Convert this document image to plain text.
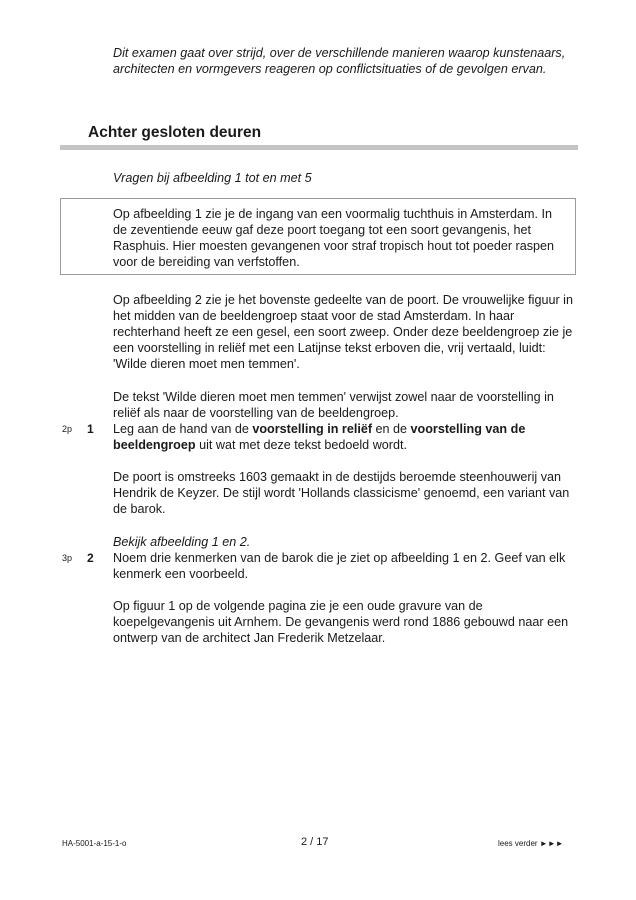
Dit examen gaat over strijd, over de verschillende manieren waarop kunstenaars, architecten en vormgevers reageren op conflictsituaties of de gevolgen ervan.
Achter gesloten deuren
Vragen bij afbeelding 1 tot en met 5
Op afbeelding 1 zie je de ingang van een voormalig tuchthuis in Amsterdam. In de zeventiende eeuw gaf deze poort toegang tot een soort gevangenis, het Rasphuis. Hier moesten gevangenen voor straf tropisch hout tot poeder raspen voor de bereiding van verfstoffen.
Op afbeelding 2 zie je het bovenste gedeelte van de poort. De vrouwelijke figuur in het midden van de beeldengroep staat voor de stad Amsterdam. In haar rechterhand heeft ze een gesel, een soort zweep. Onder deze beeldengroep zie je een voorstelling in reliëf met een Latijnse tekst erboven die, vrij vertaald, luidt: 'Wilde dieren moet men temmen'.
De tekst 'Wilde dieren moet men temmen' verwijst zowel naar de voorstelling in reliëf als naar de voorstelling van de beeldengroep.
2p 1 Leg aan de hand van de voorstelling in reliëf en de voorstelling van de beeldengroep uit wat met deze tekst bedoeld wordt.
De poort is omstreeks 1603 gemaakt in de destijds beroemde steenhouwerij van Hendrik de Keyzer. De stijl wordt 'Hollands classicisme' genoemd, een variant van de barok.
Bekijk afbeelding 1 en 2.
3p 2 Noem drie kenmerken van de barok die je ziet op afbeelding 1 en 2. Geef van elk kenmerk een voorbeeld.
Op figuur 1 op de volgende pagina zie je een oude gravure van de koepelgevangenis uit Arnhem. De gevangenis werd rond 1886 gebouwd naar een ontwerp van de architect Jan Frederik Metzelaar.
HA-5001-a-15-1-o	2 / 17	lees verder ►►►
